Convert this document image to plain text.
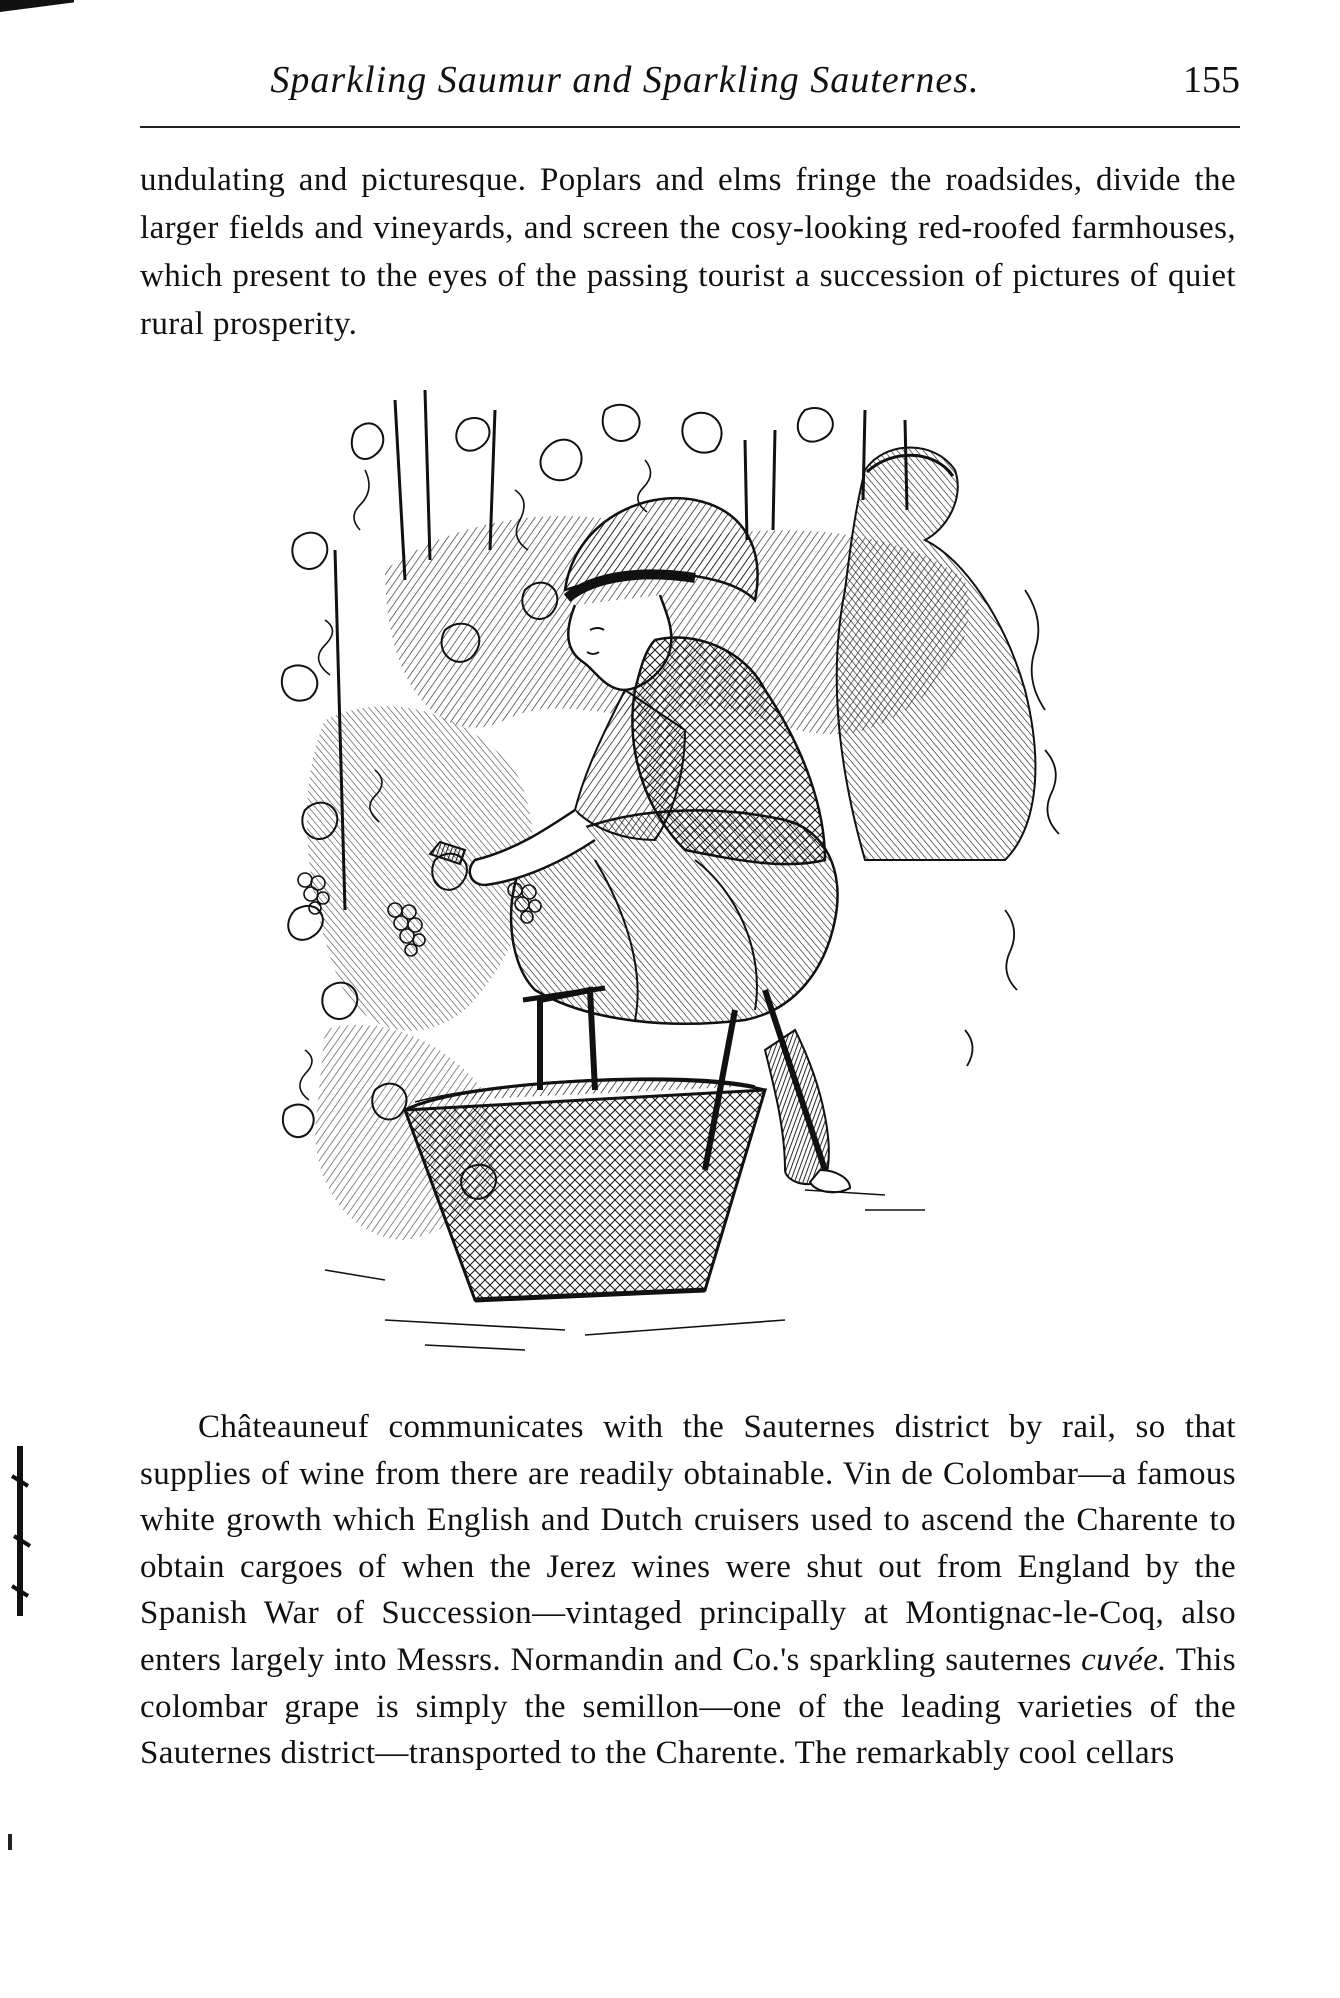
Sparkling Saumur and Sparkling Sauternes.	155

undulating and picturesque. Poplars and elms fringe the roadsides, divide the larger fields and vineyards, and screen the cosy-looking red-roofed farmhouses, which present to the eyes of the passing tourist a succession of pictures of quiet rural prosperity.

Châteauneuf communicates with the Sauternes district by rail, so that supplies of wine from there are readily obtainable. Vin de Colombar—a famous white growth which English and Dutch cruisers used to ascend the Charente to obtain cargoes of when the Jerez wines were shut out from England by the Spanish War of Succession—vintaged principally at Montignac-le-Coq, also enters largely into Messrs. Normandin and Co.'s sparkling sauternes cuvée. This colombar grape is simply the semillon—one of the leading varieties of the Sauternes district—transported to the Charente. The remarkably cool cellars
